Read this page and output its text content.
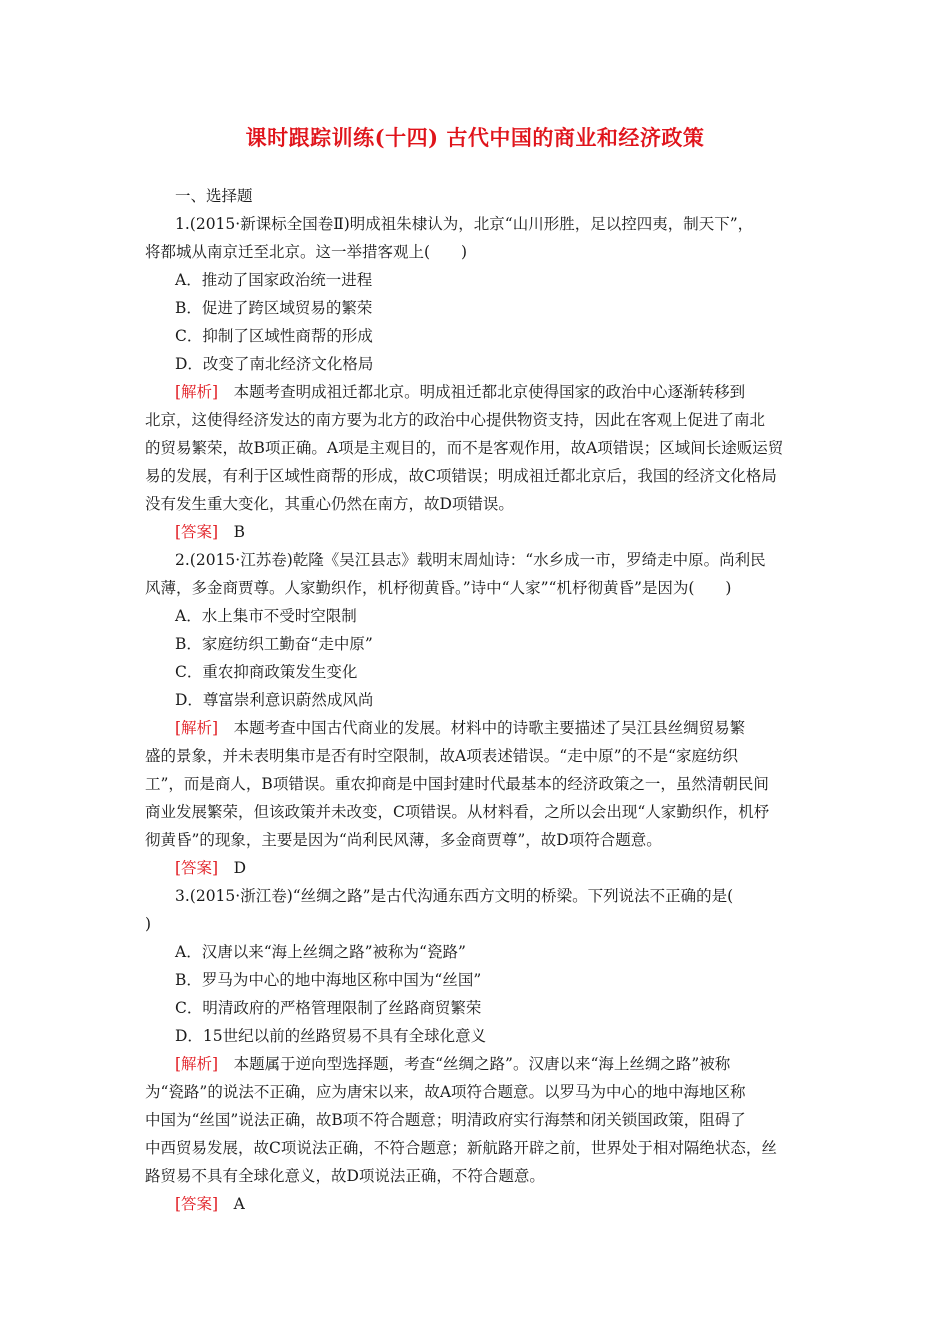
课时跟踪训练(十四) 古代中国的商业和经济政策
一、选择题
1.(2015·新课标全国卷Ⅱ)明成祖朱棣认为，北京“山川形胜，足以控四夷，制天下”，
将都城从南京迁至北京。这一举措客观上(　　)
A．推动了国家政治统一进程
B．促进了跨区域贸易的繁荣
C．抑制了区域性商帮的形成
D．改变了南北经济文化格局
[解析]　本题考查明成祖迁都北京。明成祖迁都北京使得国家的政治中心逐渐转移到
北京，这使得经济发达的南方要为北方的政治中心提供物资支持，因此在客观上促进了南北
的贸易繁荣，故B项正确。A项是主观目的，而不是客观作用，故A项错误；区域间长途贩运贸
易的发展，有利于区域性商帮的形成，故C项错误；明成祖迁都北京后，我国的经济文化格局
没有发生重大变化，其重心仍然在南方，故D项错误。
[答案]　B
2.(2015·江苏卷)乾隆《吴江县志》载明末周灿诗：“水乡成一市，罗绮走中原。尚利民
风薄，多金商贾尊。人家勤织作，机杼彻黄昏。”诗中“人家”“机杼彻黄昏”是因为(　　)
A．水上集市不受时空限制
B．家庭纺织工勤奋“走中原”
C．重农抑商政策发生变化
D．尊富崇利意识蔚然成风尚
[解析]　本题考查中国古代商业的发展。材料中的诗歌主要描述了吴江县丝绸贸易繁
盛的景象，并未表明集市是否有时空限制，故A项表述错误。“走中原”的不是“家庭纺织
工”，而是商人，B项错误。重农抑商是中国封建时代最基本的经济政策之一，虽然清朝民间
商业发展繁荣，但该政策并未改变，C项错误。从材料看，之所以会出现“人家勤织作，机杼
彻黄昏”的现象，主要是因为“尚利民风薄，多金商贾尊”，故D项符合题意。
[答案]　D
3.(2015·浙江卷)“丝绸之路”是古代沟通东西方文明的桥梁。下列说法不正确的是(
)
A．汉唐以来“海上丝绸之路”被称为“瓷路”
B．罗马为中心的地中海地区称中国为“丝国”
C．明清政府的严格管理限制了丝路商贸繁荣
D．15世纪以前的丝路贸易不具有全球化意义
[解析]　本题属于逆向型选择题，考查“丝绸之路”。汉唐以来“海上丝绸之路”被称
为“瓷路”的说法不正确，应为唐宋以来，故A项符合题意。以罗马为中心的地中海地区称
中国为“丝国”说法正确，故B项不符合题意；明清政府实行海禁和闭关锁国政策，阻碍了
中西贸易发展，故C项说法正确，不符合题意；新航路开辟之前，世界处于相对隔绝状态，丝
路贸易不具有全球化意义，故D项说法正确，不符合题意。
[答案]　A
